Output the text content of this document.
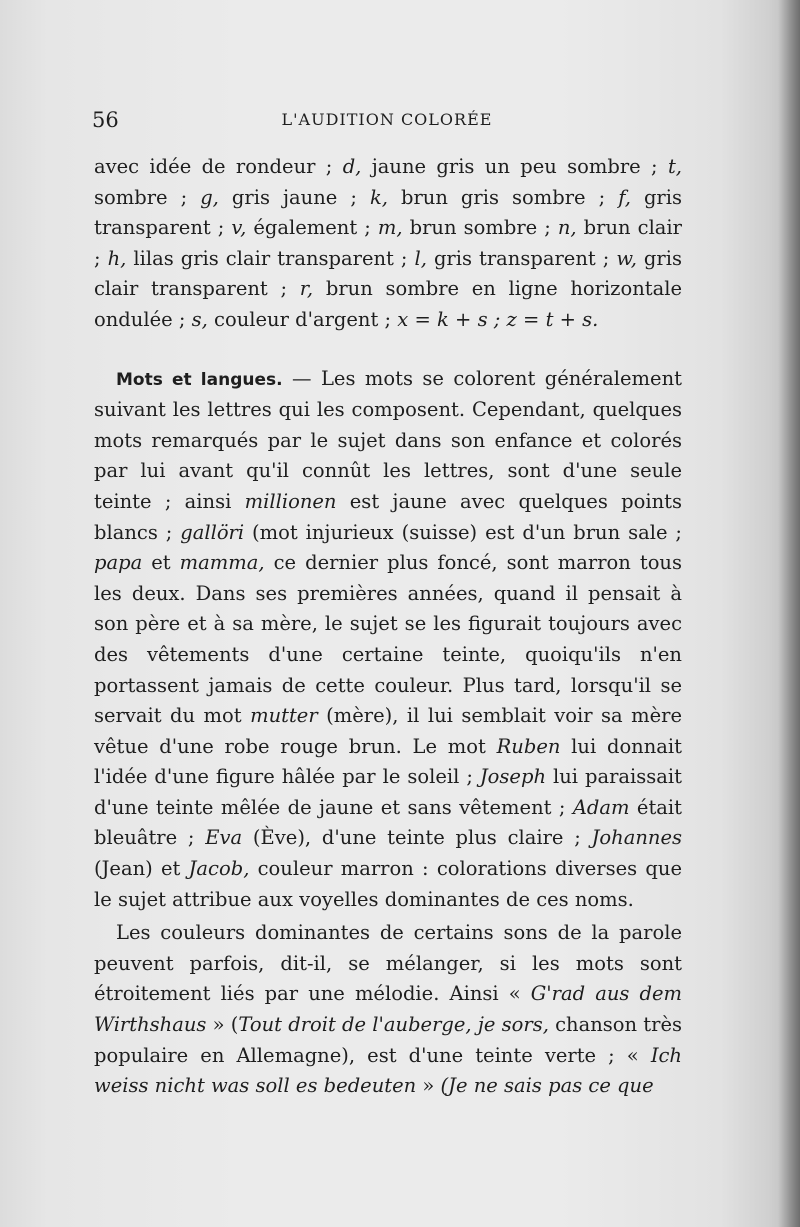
56	L'AUDITION COLORÉE

avec idée de rondeur ; d, jaune gris un peu sombre ; t, sombre ; g, gris jaune ; k, brun gris sombre ; f, gris transparent ; v, également ; m, brun sombre ; n, brun clair ; h, lilas gris clair transparent ; l, gris transparent ; w, gris clair transparent ; r, brun sombre en ligne horizontale ondulée ; s, couleur d'argent ; x = k + s ; z = t + s.

Mots et langues. — Les mots se colorent généralement suivant les lettres qui les composent. Cependant, quelques mots remarqués par le sujet dans son enfance et colorés par lui avant qu'il connût les lettres, sont d'une seule teinte ; ainsi millionen est jaune avec quelques points blancs ; gallöri (mot injurieux (suisse) est d'un brun sale ; papa et mamma, ce dernier plus foncé, sont marron tous les deux. Dans ses premières années, quand il pensait à son père et à sa mère, le sujet se les figurait toujours avec des vêtements d'une certaine teinte, quoiqu'ils n'en portassent jamais de cette couleur. Plus tard, lorsqu'il se servait du mot mutter (mère), il lui semblait voir sa mère vêtue d'une robe rouge brun. Le mot Ruben lui donnait l'idée d'une figure hâlée par le soleil ; Joseph lui paraissait d'une teinte mêlée de jaune et sans vêtement ; Adam était bleuâtre ; Eva (Ève), d'une teinte plus claire ; Johannes (Jean) et Jacob, couleur marron : colorations diverses que le sujet attribue aux voyelles dominantes de ces noms.

Les couleurs dominantes de certains sons de la parole peuvent parfois, dit-il, se mélanger, si les mots sont étroitement liés par une mélodie. Ainsi « G'rad aus dem Wirthshaus » (Tout droit de l'auberge, je sors, chanson très populaire en Allemagne), est d'une teinte verte ; « Ich weiss nicht was soll es bedeuten » (Je ne sais pas ce que
